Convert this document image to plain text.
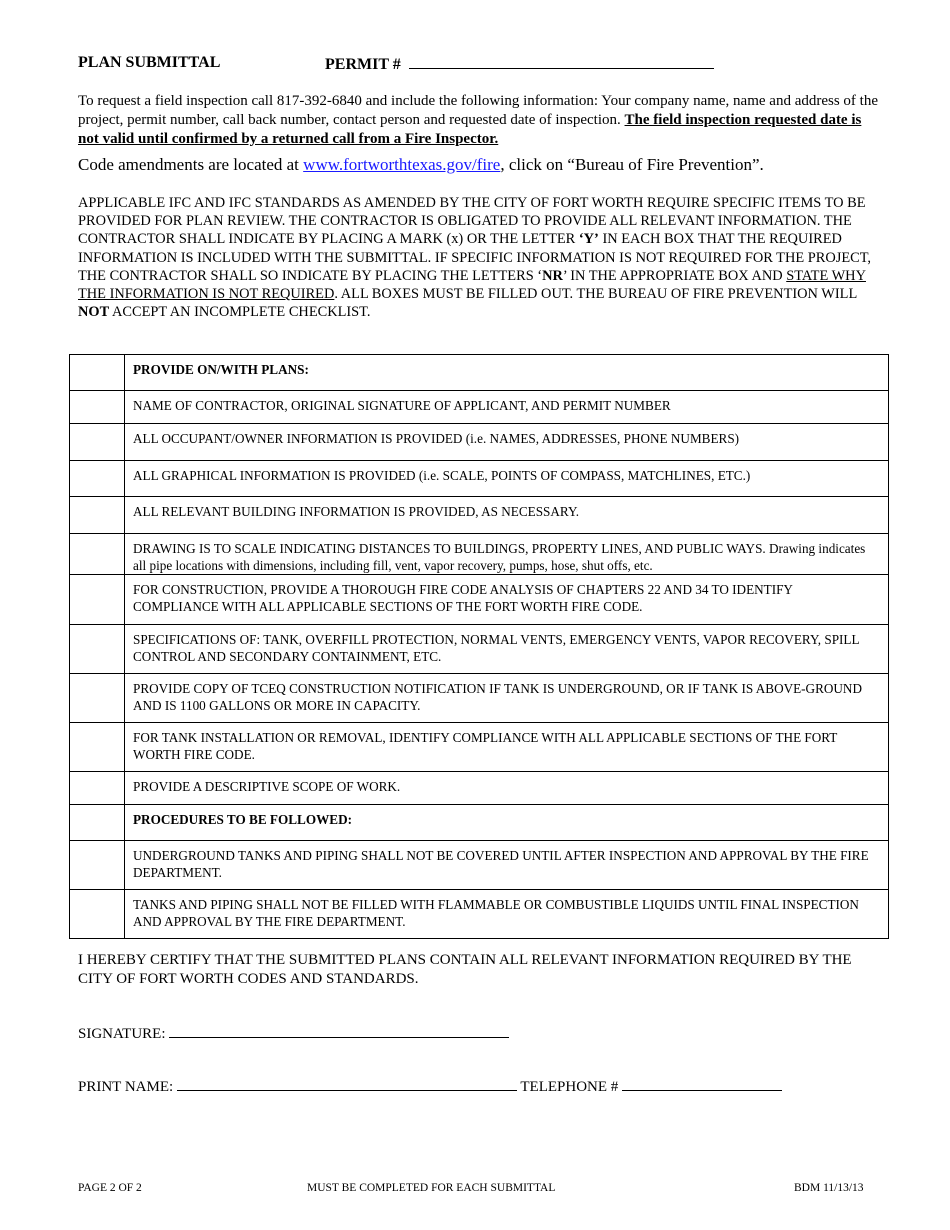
PLAN SUBMITTAL	PERMIT #
To request a field inspection call 817-392-6840 and include the following information: Your company name, name and address of the project, permit number, call back number, contact person and requested date of inspection. The field inspection requested date is not valid until confirmed by a returned call from a Fire Inspector.
Code amendments are located at www.fortworthtexas.gov/fire, click on “Bureau of Fire Prevention”.
APPLICABLE IFC AND IFC STANDARDS AS AMENDED BY THE CITY OF FORT WORTH REQUIRE SPECIFIC ITEMS TO BE PROVIDED FOR PLAN REVIEW. THE CONTRACTOR IS OBLIGATED TO PROVIDE ALL RELEVANT INFORMATION. THE CONTRACTOR SHALL INDICATE BY PLACING A MARK (x) OR THE LETTER ‘Y’ IN EACH BOX THAT THE REQUIRED INFORMATION IS INCLUDED WITH THE SUBMITTAL. IF SPECIFIC INFORMATION IS NOT REQUIRED FOR THE PROJECT, THE CONTRACTOR SHALL SO INDICATE BY PLACING THE LETTERS ‘NR’ IN THE APPROPRIATE BOX AND STATE WHY THE INFORMATION IS NOT REQUIRED. ALL BOXES MUST BE FILLED OUT. THE BUREAU OF FIRE PREVENTION WILL NOT ACCEPT AN INCOMPLETE CHECKLIST.
	PROVIDE ON/WITH PLANS:
	NAME OF CONTRACTOR, ORIGINAL SIGNATURE OF APPLICANT, AND PERMIT NUMBER
	ALL OCCUPANT/OWNER INFORMATION IS PROVIDED (i.e. NAMES, ADDRESSES, PHONE NUMBERS)
	ALL GRAPHICAL INFORMATION IS PROVIDED (i.e. SCALE, POINTS OF COMPASS, MATCHLINES, ETC.)
	ALL RELEVANT BUILDING INFORMATION IS PROVIDED, AS NECESSARY.
	DRAWING IS TO SCALE INDICATING DISTANCES TO BUILDINGS, PROPERTY LINES, AND PUBLIC WAYS. Drawing indicates all pipe locations with dimensions, including fill, vent, vapor recovery, pumps, hose, shut offs, etc.
	FOR CONSTRUCTION, PROVIDE A THOROUGH FIRE CODE ANALYSIS OF CHAPTERS 22 AND 34 TO IDENTIFY COMPLIANCE WITH ALL APPLICABLE SECTIONS OF THE FORT WORTH FIRE CODE.
	SPECIFICATIONS OF: TANK, OVERFILL PROTECTION, NORMAL VENTS, EMERGENCY VENTS, VAPOR RECOVERY, SPILL CONTROL AND SECONDARY CONTAINMENT, ETC.
	PROVIDE COPY OF TCEQ CONSTRUCTION NOTIFICATION IF TANK IS UNDERGROUND, OR IF TANK IS ABOVE-GROUND AND IS 1100 GALLONS OR MORE IN CAPACITY.
	FOR TANK INSTALLATION OR REMOVAL, IDENTIFY COMPLIANCE WITH ALL APPLICABLE SECTIONS OF THE FORT WORTH FIRE CODE.
	PROVIDE A DESCRIPTIVE SCOPE OF WORK.
	PROCEDURES TO BE FOLLOWED:
	UNDERGROUND TANKS AND PIPING SHALL NOT BE COVERED UNTIL AFTER INSPECTION AND APPROVAL BY THE FIRE DEPARTMENT.
	TANKS AND PIPING SHALL NOT BE FILLED WITH FLAMMABLE OR COMBUSTIBLE LIQUIDS UNTIL FINAL INSPECTION AND APPROVAL BY THE FIRE DEPARTMENT.
I HEREBY CERTIFY THAT THE SUBMITTED PLANS CONTAIN ALL RELEVANT INFORMATION REQUIRED BY THE CITY OF FORT WORTH CODES AND STANDARDS.
SIGNATURE:
PRINT NAME:	TELEPHONE #
PAGE 2 OF 2	MUST BE COMPLETED FOR EACH SUBMITTAL	BDM 11/13/13
